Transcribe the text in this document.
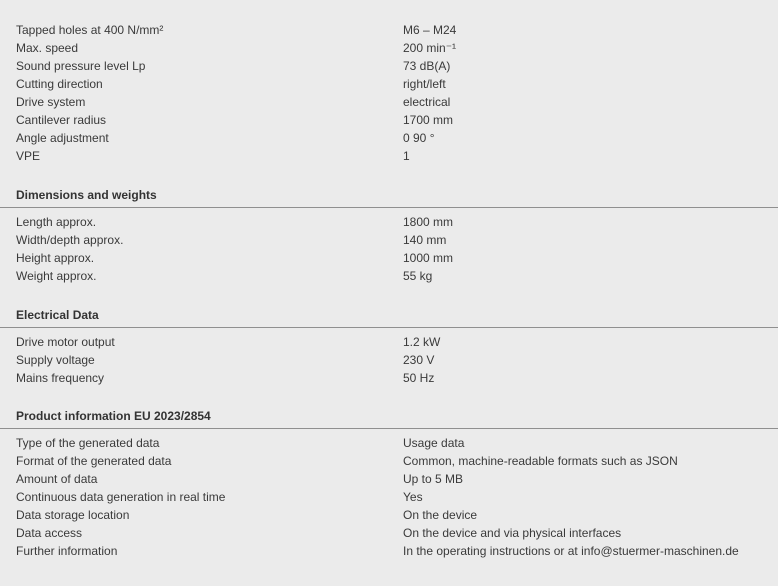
Tapped holes at 400 N/mm²	M6 – M24
Max. speed	200 min⁻¹
Sound pressure level Lp	73 dB(A)
Cutting direction	right/left
Drive system	electrical
Cantilever radius	1700 mm
Angle adjustment	0 90 °
VPE	1
Dimensions and weights
Length approx.	1800 mm
Width/depth approx.	140 mm
Height approx.	1000 mm
Weight approx.	55 kg
Electrical Data
Drive motor output	1.2 kW
Supply voltage	230 V
Mains frequency	50 Hz
Product information EU 2023/2854
Type of the generated data	Usage data
Format of the generated data	Common, machine-readable formats such as JSON
Amount of data	Up to 5 MB
Continuous data generation in real time	Yes
Data storage location	On the device
Data access	On the device and via physical interfaces
Further information	In the operating instructions or at info@stuermer-maschinen.de
